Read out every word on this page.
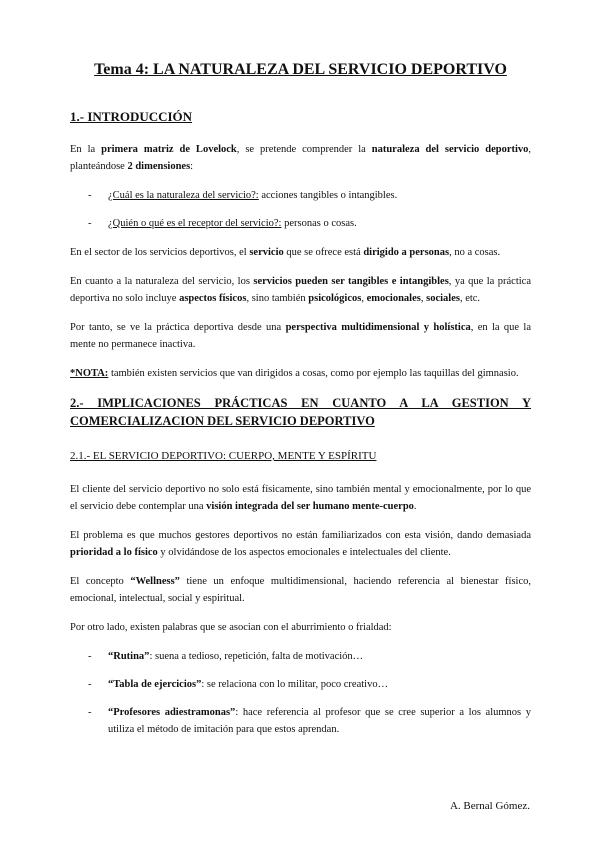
Tema 4: LA NATURALEZA DEL SERVICIO DEPORTIVO
1.- INTRODUCCIÓN

En la primera matriz de Lovelock, se pretende comprender la naturaleza del servicio deportivo, planteándose 2 dimensiones:

-	¿Cuál es la naturaleza del servicio?: acciones tangibles o intangibles.
-	¿Quién o qué es el receptor del servicio?: personas o cosas.

En el sector de los servicios deportivos, el servicio que se ofrece está dirigido a personas, no a cosas.

En cuanto a la naturaleza del servicio, los servicios pueden ser tangibles e intangibles, ya que la práctica deportiva no solo incluye aspectos físicos, sino también psicológicos, emocionales, sociales, etc.

Por tanto, se ve la práctica deportiva desde una perspectiva multidimensional y holística, en la que la mente no permanece inactiva.

*NOTA: también existen servicios que van dirigidos a cosas, como por ejemplo las taquillas del gimnasio.

2.- IMPLICACIONES PRÁCTICAS EN CUANTO A LA GESTION Y COMERCIALIZACION DEL SERVICIO DEPORTIVO
2.1.- EL SERVICIO DEPORTIVO: CUERPO, MENTE Y ESPÍRITU

El cliente del servicio deportivo no solo está físicamente, sino también mental y emocionalmente, por lo que el servicio debe contemplar una visión integrada del ser humano mente-cuerpo.

El problema es que muchos gestores deportivos no están familiarizados con esta visión, dando demasiada prioridad a lo físico y olvidándose de los aspectos emocionales e intelectuales del cliente.

El concepto “Wellness” tiene un enfoque multidimensional, haciendo referencia al bienestar físico, emocional, intelectual, social y espiritual.

Por otro lado, existen palabras que se asocian con el aburrimiento o frialdad:

-	“Rutina”: suena a tedioso, repetición, falta de motivación…
-	“Tabla de ejercicios”: se relaciona con lo militar, poco creativo…
-	“Profesores adiestramonas”: hace referencia al profesor que se cree superior a los alumnos y utiliza el método de imitación para que estos aprendan.
A. Bernal Gómez.
